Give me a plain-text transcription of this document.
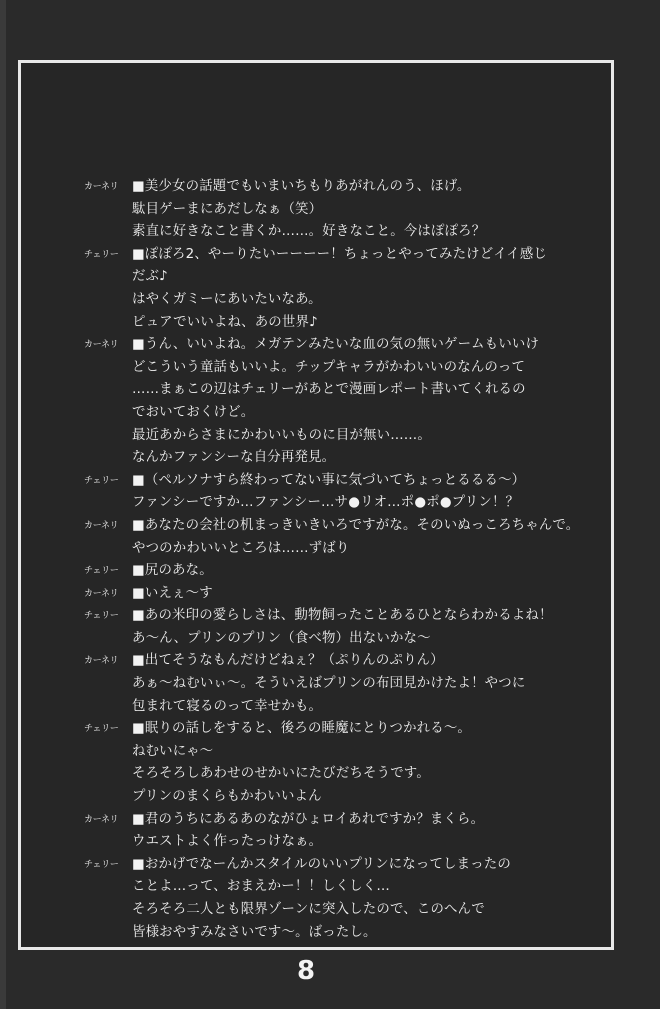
カーネリ	■美少女の話題でもいまいちもりあがれんのう、ほげ。
駄目ゲーまにあだしなぁ（笑）
素直に好きなこと書くか……。好きなこと。今はぽぽろ？
チェリー	■ぽぽろ2、やーりたいーーーー！ちょっとやってみたけどイイ感じ
だぶ♪
はやくガミーにあいたいなあ。
ピュアでいいよね、あの世界♪
カーネリ	■うん、いいよね。メガテンみたいな血の気の無いゲームもいいけ
どこういう童話もいいよ。チップキャラがかわいいのなんのって
……まぁこの辺はチェリーがあとで漫画レポート書いてくれるの
でおいておくけど。
最近あからさまにかわいいものに目が無い……。
なんかファンシーな自分再発見。
チェリー	■（ペルソナすら終わってない事に気づいてちょっとるるる～）
ファンシーですか…ファンシー…サ●リオ…ポ●ポ●プリン！？
カーネリ	■あなたの会社の机まっきいきいろですがな。そのいぬっころちゃんで。
やつのかわいいところは……ずばり
チェリー	■尻のあな。
カーネリ	■いえぇ～す
チェリー	■あの米印の愛らしさは、動物飼ったことあるひとならわかるよね！
あ～ん、プリンのプリン（食べ物）出ないかな～
カーネリ	■出てそうなもんだけどねぇ？（ぷりんのぷりん）
あぁ～ねむいぃ～。そういえばプリンの布団見かけたよ！やつに
包まれて寝るのって幸せかも。
チェリー	■眠りの話しをすると、後ろの睡魔にとりつかれる～。
ねむいにゃ～
そろそろしあわせのせかいにたびだちそうです。
プリンのまくらもかわいいよん
カーネリ	■君のうちにあるあのながひょロイあれですか？まくら。
ウエストよく作ったっけなぁ。
チェリー	■おかげでなーんかスタイルのいいプリンになってしまったの
ことよ…って、おまえかー！！しくしく…
そろそろ二人とも限界ゾーンに突入したので、このへんで
皆様おやすみなさいです～。ばったし。
8
